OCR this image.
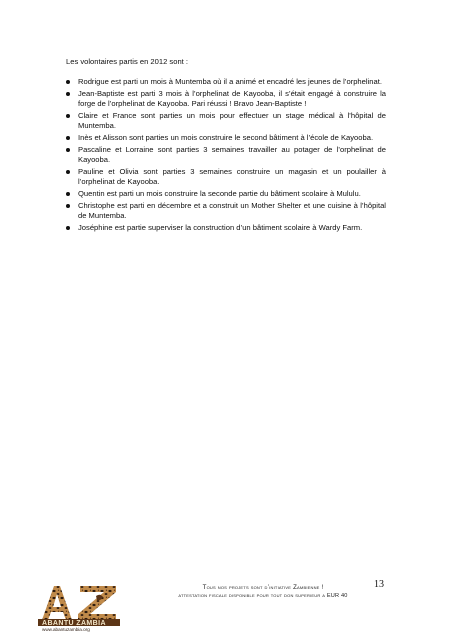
Les volontaires partis en 2012 sont :
Rodrigue est parti un mois à Muntemba où il a animé et encadré les jeunes de l’orphelinat.
Jean-Baptiste est parti 3 mois à l’orphelinat de Kayooba, il s’était engagé à construire la forge de l’orphelinat de Kayooba. Pari réussi ! Bravo Jean-Baptiste !
Claire et France sont parties un mois pour effectuer un stage médical à l’hôpital de Muntemba.
Inès et Alisson sont parties un mois construire le second bâtiment à l’école de Kayooba.
Pascaline et Lorraine sont parties 3 semaines travailler au potager de l’orphelinat de Kayooba.
Pauline et Olivia sont parties 3 semaines construire un magasin et un poulailler à l’orphelinat de Kayooba.
Quentin est parti un mois construire la seconde partie du bâtiment scolaire à Mululu.
Christophe est parti en décembre et a construit un Mother Shelter et une cuisine à l’hôpital de Muntemba.
Joséphine est partie superviser la construction d’un bâtiment scolaire à Wardy Farm.
13
Tous nos projets sont d’initiative Zambienne !
attestation fiscale disponible pour tout don superieur a EUR 40
ABANTU ZAMBIA
www.abantuzambia.org
